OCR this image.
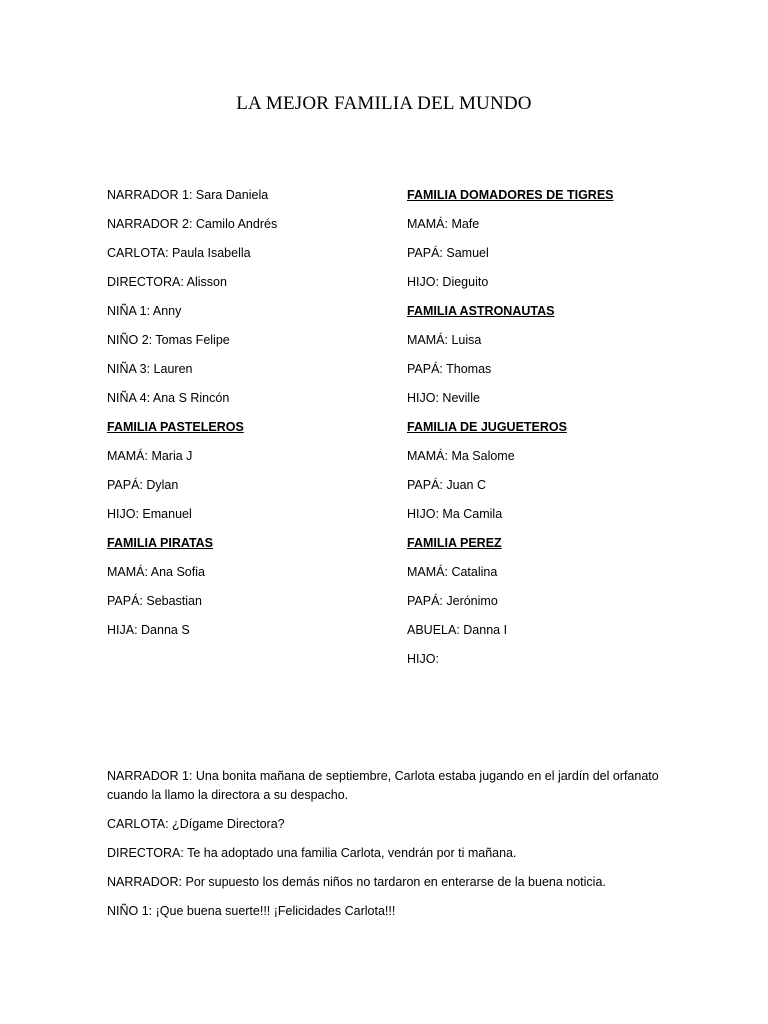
LA MEJOR FAMILIA DEL MUNDO
NARRADOR 1: Sara Daniela
NARRADOR 2: Camilo Andrés
CARLOTA: Paula Isabella
DIRECTORA: Alisson
NIÑA 1: Anny
NIÑO 2: Tomas Felipe
NIÑA 3: Lauren
NIÑA 4: Ana S Rincón
FAMILIA PASTELEROS
MAMÁ: Maria J
PAPÁ: Dylan
HIJO: Emanuel
FAMILIA PIRATAS
MAMÁ: Ana Sofia
PAPÁ: Sebastian
HIJA: Danna S
FAMILIA DOMADORES DE TIGRES
MAMÁ: Mafe
PAPÁ: Samuel
HIJO: Dieguito
FAMILIA ASTRONAUTAS
MAMÁ: Luisa
PAPÁ: Thomas
HIJO: Neville
FAMILIA DE JUGUETEROS
MAMÁ: Ma Salome
PAPÁ: Juan C
HIJO: Ma Camila
FAMILIA PEREZ
MAMÁ: Catalina
PAPÁ: Jerónimo
ABUELA: Danna I
HIJO:
NARRADOR 1: Una bonita mañana de septiembre, Carlota estaba jugando en el jardín del orfanato cuando la llamo la directora a su despacho.
CARLOTA: ¿Dígame Directora?
DIRECTORA: Te ha adoptado una familia Carlota, vendrán por ti mañana.
NARRADOR: Por supuesto los demás niños no tardaron en enterarse de la buena noticia.
NIÑO 1: ¡Que buena suerte!!! ¡Felicidades Carlota!!!
